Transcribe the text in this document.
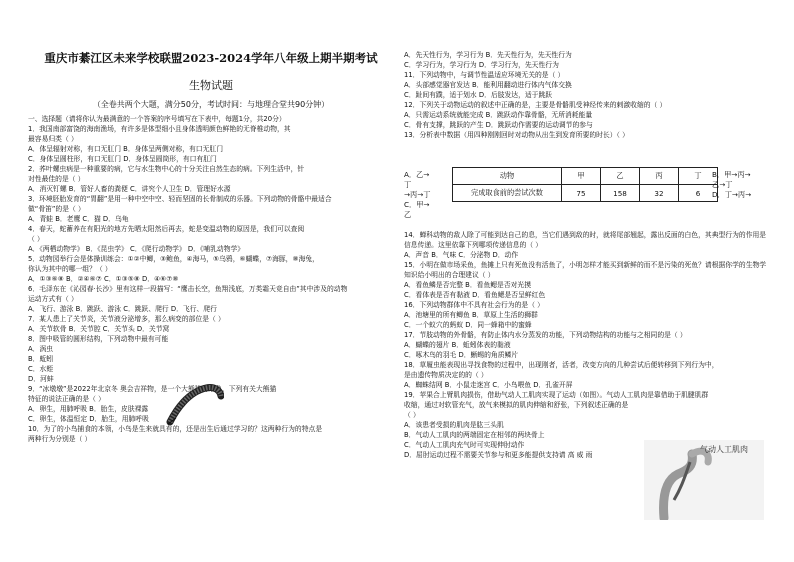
重庆市綦江区未来学校联盟2023-2024学年八年级上期半期考试
生物试题
（全卷共两个大题，满分50分，考试时间：与地理合堂共90分钟）
一、选择题（请将你认为最满意的一个答案的序号填写在下表中，每题1分，共20分）
1．我国南部富饶的海南渔场，有许多是体型细小且身体透明颜色鲜艳的无脊椎动物，其
最容易归类（ ）
A．体呈辐射对称，有口无肛门 B．身体呈两侧对称，有口无肛门
C．身体呈圆柱形，有口无肛门 D．身体呈圆筒形，有口有肛门
2．荞叶螺虫病是一种重要的病，它与水生物中心的十分关注自然生态的病。下列生活中，针
对性最佳的是（ ）
A．消灭钉螺 B．管好人畜的粪便 C．讲究个人卫生 D．管理好水源
3．环境胚胎发育的“胃翻”是用一种中空中空、轻而坚固的长骨制成的乐器。下列动物的骨骼中最适合
做“骨笛”的是（ ）
A．青蛙 B．老鹰 C．猫 D．乌龟
4．春天，蛇蓄养在有阳光的地方先晒太阳然后再去，蛇是变温动物的原因是，我们可以查阅
（ ）
A．《两栖动物学》 B．《昆虫学》 C．《爬行动物学》 D．《哺乳动物学》
5．动物园举行会是体操训练会：①②中鲫，③鲍鱼，④海马，⑤乌鸦，⑥蝴蝶，⑦海豚，⑧海兔，
你认为其中的哪一组？（ ）
A．①③⑥⑧ B．②④⑥⑦ C．①③⑤⑧ D．④⑥⑦⑧
6．毛泽东在《沁园春·长沙》里有这样一段描写：“鹰击长空，鱼翔浅底，万类霜天竞自由”其中涉及的动物
运动方式有（ ）
A．飞行、游泳 B．跳跃、游泳 C．跳跃、爬行 D．飞行、爬行
7．某人患上了关节炎，关节液分泌增多，那么病变的部位是（ ）
A．关节软骨 B．关节腔 C．关节头 D．关节窝
8．图中吸管的圆形结构，下列动物中最有可能
A．涡虫
B．蚯蚓
C．水蛭
D．河蚌
9．“冰墩墩”是2022年北京冬 奥会吉祥物，是一个大熊猫的形象，下列有关大熊猫
特征的说法正确的是（ ）
A．卵生，用肺呼吸 B．胎生，皮肤裸露
C．卵生，体温恒定 D．胎生，用肺呼吸
10．为了的小鸟捕食的本领，小鸟是生来就具有的，还是出生后通过学习的？这两种行为的特点是
两种行为分别是（ ）
A．先天性行为，学习行为 B．先天性行为，先天性行为
C．学习行为，学习行为 D．学习行为，先天性行为
11．下列动物中，与调节性温适应环境无关的是（ ）
A．头部感觉器官发达 B．能利用翻动进行体内气体交换
C．趾间有蹼，适于划水 D．后肢发达，适于跳跃
12．下列关于动物运动的叙述中正确的是，主要是骨骼肌受神经传来的刺激收缩的（ ）
A．只需运动系统就能完成 B．跳跃动作靠骨骼，无所消耗能量
C．骨有支撑，跳跃的产生 D．跳跃动作需要的运动调节的参与
13．分析表中数据（用四种刚刚回时对动物从出生到发育所要的时长）（ ）
动物	甲	乙	丙	丁
完成取食前的尝试次数	75	158	32	6
A．乙→
丁
→丙→丁
C．甲→
乙
B．甲→丙→
乙→丁
D．丁→丙→
14．蝉科动物的敌人除了可能到达自己的息，当它们遇到敌的时，就将尾部翘起，露出反面的白色，其典型行为的作用是
信息传递。这里依靠下列哪项传递信息的（ ）
A．声音 B．气味 C．分泌物 D．动作
15．小明在做市场采鱼，鱼摊上只有死鱼没有活鱼了，小明怎样才能买到新鲜的而不是污染的死鱼？请根据你学的生物学
知识给小明出的合理建议（ ）
A．看鱼鳞是否完整 B．看鱼鳃是否对光摸
C．看体表是否有黏液 D．看鱼鳃是否呈鲜红色
16．下列动物群体中不具有社会行为的是（ ）
A．池塘里的所有鲫鱼 B．草原上生活的狮群
C．一个蚁穴的蚂蚁 D．同一蜂箱中的蜜蜂
17．节肢动物的外骨骼，有防止体内水分蒸发的功能，下列动物结构的功能与之相同的是（ ）
A．蝴蝶的翅片 B．蚯蚓体表的黏液
C．啄木鸟的羽毛 D．蜥蜴的角质鳞片
18．草履虫能表现出寻找食物的过程中，出现刚者，活者，改变方向的几种尝试后便转移到下列行为中，
是由遗传物质决定的的（ ）
A．蜘蛛结网 B．小鼠走迷宫 C．小鸟喂鱼 D．孔雀开屏
19．苹果合上臂肌肉损伤，借助气动人工肌肉实现了运动（如图）。气动人工肌肉是靠借助于肌腱肌群
收缩，通过对软管充气，放气来模拟的肌肉伸缩和舒张，下列叙述正确的是
（ ）
A．该患者受损的肌肉是肱三头肌
B．气动人工肌肉的两端固定在相邻的两块骨上
C．气动人工肌肉充气时可实现伸肘动作
D．屈肘运动过程不需要关节参与和更多能提供支持请 高 威 雨
气动人工肌肉
